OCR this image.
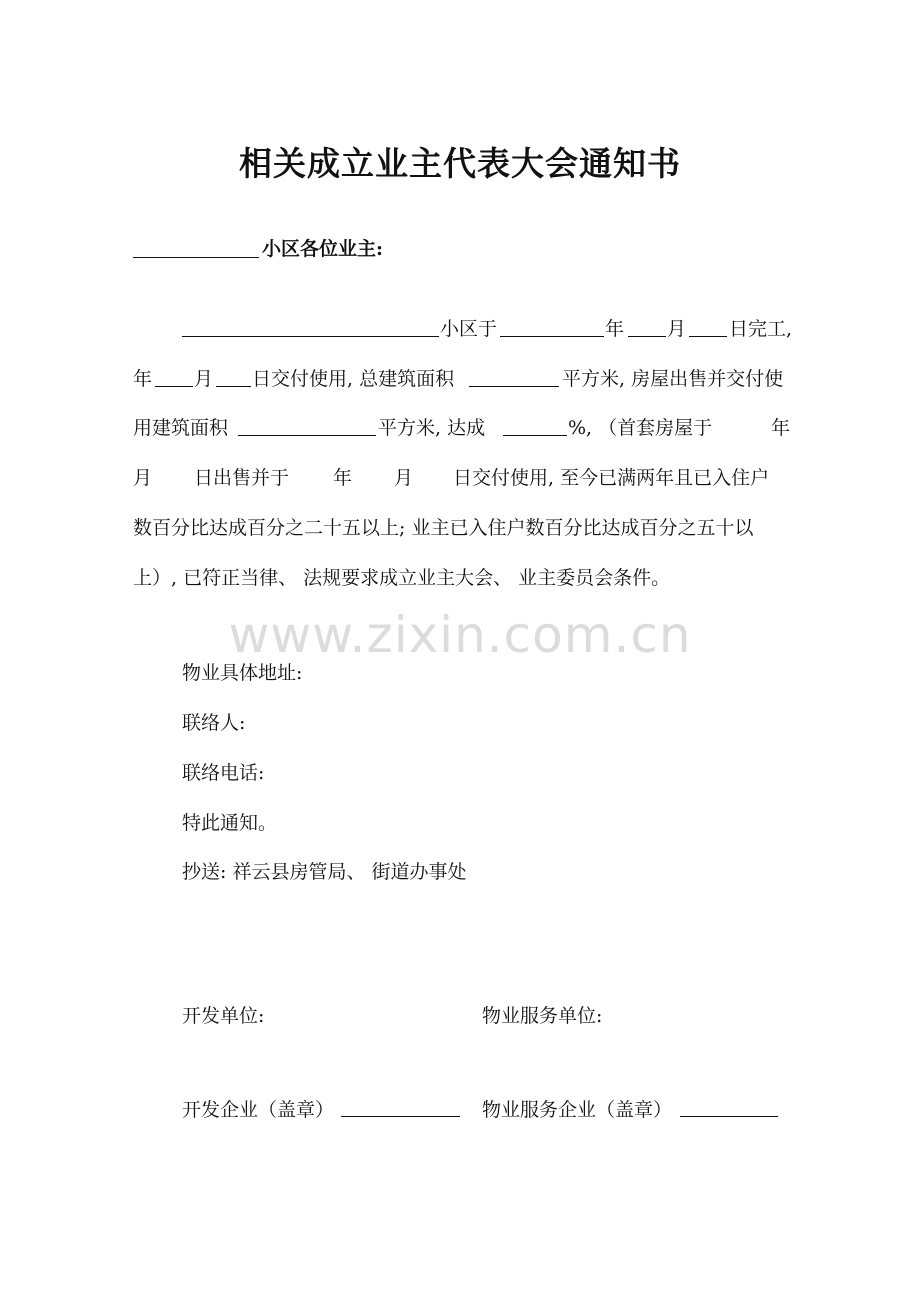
相关成立业主代表大会通知书
小区各位业主:
小区于	年 月 日完工,
年 月 日交付使用, 总建筑面积	平方米, 房屋出售并交付使
用建筑面积	平方米, 达成	%, （首套房屋于	年
月 日出售并于 年 月 日交付使用, 至今已满两年且已入住户
数百分比达成百分之二十五以上; 业主已入住户数百分比达成百分之五十以
上）, 已符正当律、 法规要求成立业主大会、 业主委员会条件。
www.zixin.com.cn
物业具体地址:
联络人:
联络电话:
特此通知。
抄送: 祥云县房管局、 街道办事处
开发单位:	物业服务单位:
开发企业（盖章）	物业服务企业（盖章）
